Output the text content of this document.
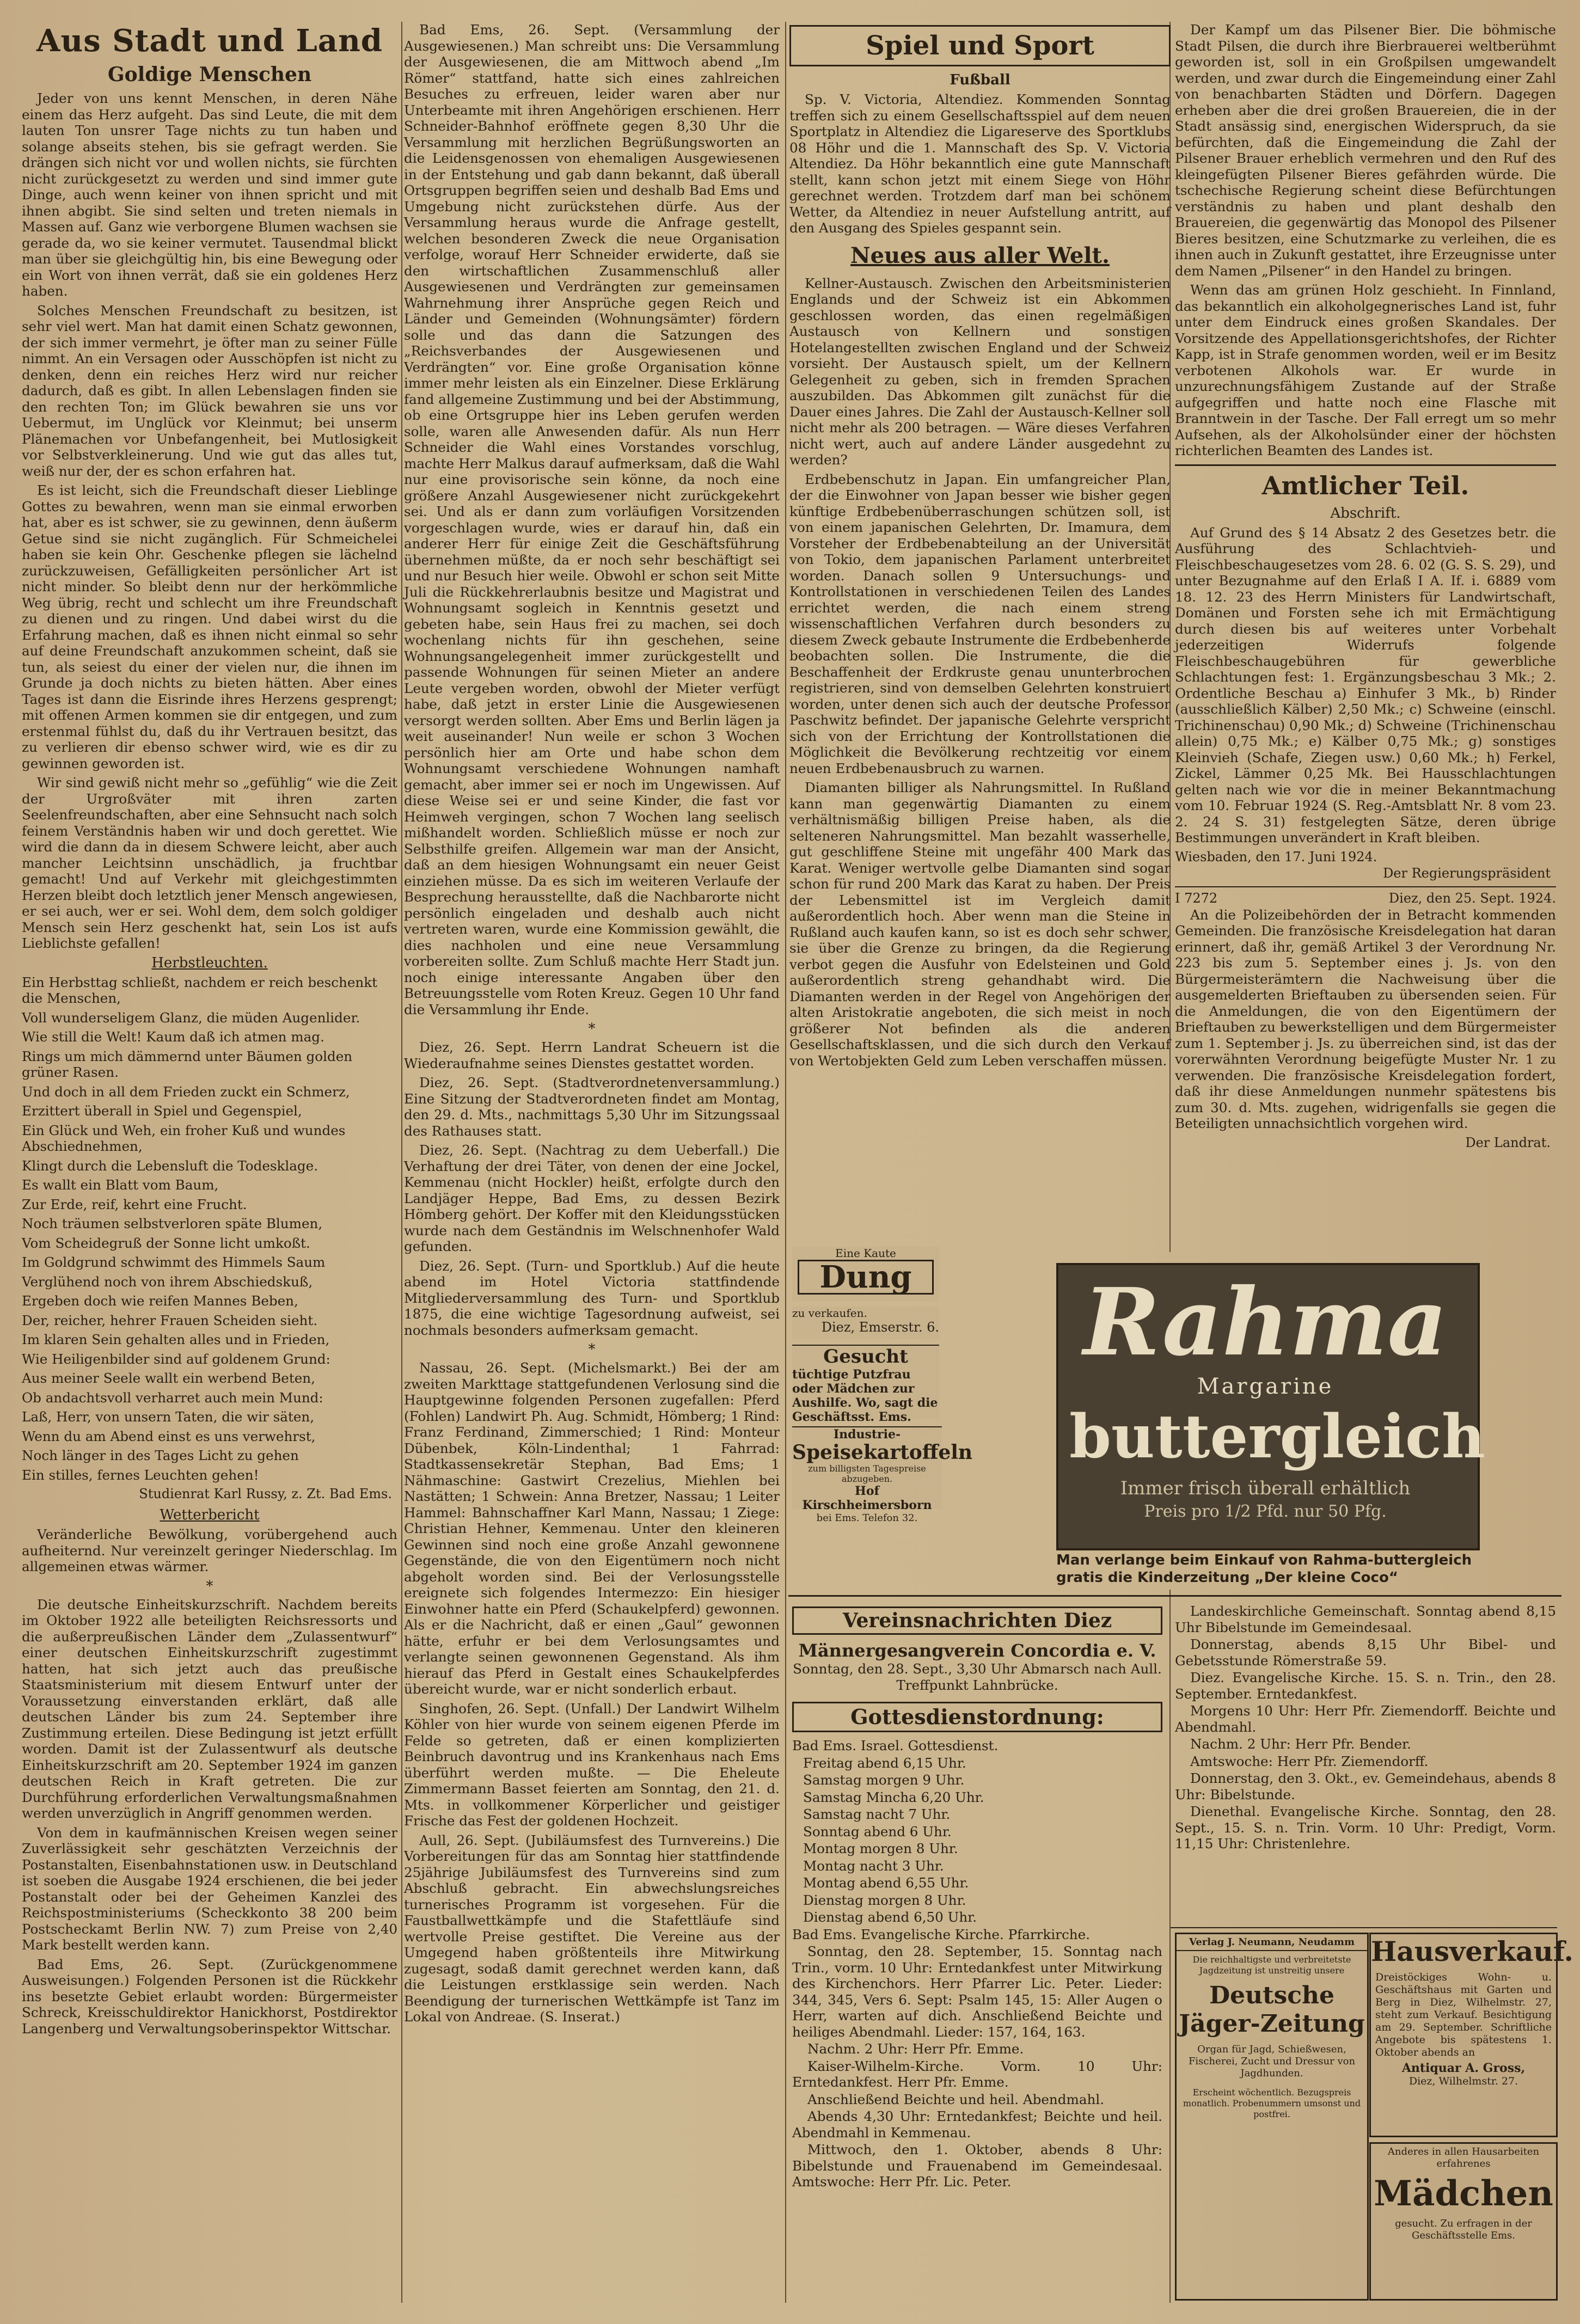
Aus Stadt und Land
Goldige Menschen

Jeder von uns kennt Menschen, in deren Nähe einem das Herz aufgeht. Das sind Leute, die mit dem lauten Ton unsrer Tage nichts zu tun haben und solange abseits stehen, bis sie gefragt werden. Sie drängen sich nicht vor und wollen nichts, sie fürchten nicht zurückgesetzt zu werden und sind immer gute Dinge, auch wenn keiner von ihnen spricht und mit ihnen abgibt. Sie sind selten und treten niemals in Massen auf. Ganz wie verborgene Blumen wachsen sie gerade da, wo sie keiner vermutet. Tausendmal blickt man über sie gleichgültig hin, bis eine Bewegung oder ein Wort von ihnen verrät, daß sie ein goldenes Herz haben.

Solches Menschen Freundschaft zu besitzen, ist sehr viel wert. Man hat damit einen Schatz gewonnen, der sich immer vermehrt, je öfter man zu seiner Fülle nimmt. An ein Versagen oder Ausschöpfen ist nicht zu denken, denn ein reiches Herz wird nur reicher dadurch, daß es gibt. In allen Lebenslagen finden sie den rechten Ton; im Glück bewahren sie uns vor Uebermut, im Unglück vor Kleinmut; bei unserm Plänemachen vor Unbefangenheit, bei Mutlosigkeit vor Selbstverkleinerung. Und wie gut das alles tut, weiß nur der, der es schon erfahren hat.

Es ist leicht, sich die Freundschaft dieser Lieblinge Gottes zu bewahren, wenn man sie einmal erworben hat, aber es ist schwer, sie zu gewinnen, denn äußerm Getue sind sie nicht zugänglich. Für Schmeichelei haben sie kein Ohr. Geschenke pflegen sie lächelnd zurückzuweisen, Gefälligkeiten persönlicher Art ist nicht minder. So bleibt denn nur der herkömmliche Weg übrig, recht und schlecht um ihre Freundschaft zu dienen und zu ringen. Und dabei wirst du die Erfahrung machen, daß es ihnen nicht einmal so sehr auf deine Freundschaft anzukommen scheint, daß sie tun, als seiest du einer der vielen nur, die ihnen im Grunde ja doch nichts zu bieten hätten. Aber eines Tages ist dann die Eisrinde ihres Herzens gesprengt; mit offenen Armen kommen sie dir entgegen, und zum erstenmal fühlst du, daß du ihr Vertrauen besitzt, das zu verlieren dir ebenso schwer wird, wie es dir zu gewinnen geworden ist.

Wir sind gewiß nicht mehr so „gefühlig“ wie die Zeit der Urgroßväter mit ihren zarten Seelenfreundschaften, aber eine Sehnsucht nach solch feinem Verständnis haben wir und doch gerettet. Wie wird die dann da in diesem Schwere leicht, aber auch mancher Leichtsinn unschädlich, ja fruchtbar gemacht! Und auf Verkehr mit gleichgestimmten Herzen bleibt doch letztlich jener Mensch angewiesen, er sei auch, wer er sei. Wohl dem, dem solch goldiger Mensch sein Herz geschenkt hat, sein Los ist aufs Lieblichste gefallen!

Herbstleuchten.

Ein Herbsttag schließt, nachdem er reich beschenkt die Menschen,

Voll wunderseligem Glanz, die müden Augenlider.

Wie still die Welt! Kaum daß ich atmen mag.

Rings um mich dämmernd unter Bäumen golden grüner Rasen.

Und doch in all dem Frieden zuckt ein Schmerz,

Erzittert überall in Spiel und Gegenspiel,

Ein Glück und Weh, ein froher Kuß und wundes Abschiednehmen,

Klingt durch die Lebensluft die Todesklage.

Es wallt ein Blatt vom Baum,

Zur Erde, reif, kehrt eine Frucht.

Noch träumen selbstverloren späte Blumen,

Vom Scheidegruß der Sonne licht umkoßt.

Im Goldgrund schwimmt des Himmels Saum

Verglühend noch von ihrem Abschiedskuß,

Ergeben doch wie reifen Mannes Beben,

Der, reicher, hehrer Frauen Scheiden sieht.

Im klaren Sein gehalten alles und in Frieden,

Wie Heiligenbilder sind auf goldenem Grund:

Aus meiner Seele wallt ein werbend Beten,

Ob andachtsvoll verharret auch mein Mund:

Laß, Herr, von unsern Taten, die wir säten,

Wenn du am Abend einst es uns verwehrst,

Noch länger in des Tages Licht zu gehen

Ein stilles, fernes Leuchten gehen!

Studienrat Karl Russy, z. Zt. Bad Ems.
Wetterbericht

Veränderliche Bewölkung, vorübergehend auch aufheiternd. Nur vereinzelt geringer Niederschlag. Im allgemeinen etwas wärmer.

*

Die deutsche Einheitskurzschrift. Nachdem bereits im Oktober 1922 alle beteiligten Reichsressorts und die außerpreußischen Länder dem „Zulassentwurf“ einer deutschen Einheitskurzschrift zugestimmt hatten, hat sich jetzt auch das preußische Staatsministerium mit diesem Entwurf unter der Voraussetzung einverstanden erklärt, daß alle deutschen Länder bis zum 24. September ihre Zustimmung erteilen. Diese Bedingung ist jetzt erfüllt worden. Damit ist der Zulassentwurf als deutsche Einheitskurzschrift am 20. September 1924 im ganzen deutschen Reich in Kraft getreten. Die zur Durchführung erforderlichen Verwaltungsmaßnahmen werden unverzüglich in Angriff genommen werden.

Von dem in kaufmännischen Kreisen wegen seiner Zuverlässigkeit sehr geschätzten Verzeichnis der Postanstalten, Eisenbahnstationen usw. in Deutschland ist soeben die Ausgabe 1924 erschienen, die bei jeder Postanstalt oder bei der Geheimen Kanzlei des Reichspostministeriums (Scheckkonto 38 200 beim Postscheckamt Berlin NW. 7) zum Preise von 2,40 Mark bestellt werden kann.

Bad Ems, 26. Sept. (Zurückgenommene Ausweisungen.) Folgenden Personen ist die Rückkehr ins besetzte Gebiet erlaubt worden: Bürgermeister Schreck, Kreisschuldirektor Hanickhorst, Postdirektor Langenberg und Verwaltungsoberinspektor Wittschar.

Bad Ems, 26. Sept. (Versammlung der Ausgewiesenen.) Man schreibt uns: Die Versammlung der Ausgewiesenen, die am Mittwoch abend „Im Römer“ stattfand, hatte sich eines zahlreichen Besuches zu erfreuen, leider waren aber nur Unterbeamte mit ihren Angehörigen erschienen. Herr Schneider-Bahnhof eröffnete gegen 8,30 Uhr die Versammlung mit herzlichen Begrüßungsworten an die Leidensgenossen von ehemaligen Ausgewiesenen in der Entstehung und gab dann bekannt, daß überall Ortsgruppen begriffen seien und deshalb Bad Ems und Umgebung nicht zurückstehen dürfe. Aus der Versammlung heraus wurde die Anfrage gestellt, welchen besonderen Zweck die neue Organisation verfolge, worauf Herr Schneider erwiderte, daß sie den wirtschaftlichen Zusammenschluß aller Ausgewiesenen und Verdrängten zur gemeinsamen Wahrnehmung ihrer Ansprüche gegen Reich und Länder und Gemeinden (Wohnungsämter) fördern solle und das dann die Satzungen des „Reichsverbandes der Ausgewiesenen und Verdrängten“ vor. Eine große Organisation könne immer mehr leisten als ein Einzelner. Diese Erklärung fand allgemeine Zustimmung und bei der Abstimmung, ob eine Ortsgruppe hier ins Leben gerufen werden solle, waren alle Anwesenden dafür. Als nun Herr Schneider die Wahl eines Vorstandes vorschlug, machte Herr Malkus darauf aufmerksam, daß die Wahl nur eine provisorische sein könne, da noch eine größere Anzahl Ausgewiesener nicht zurückgekehrt sei. Und als er dann zum vorläufigen Vorsitzenden vorgeschlagen wurde, wies er darauf hin, daß ein anderer Herr für einige Zeit die Geschäftsführung übernehmen müßte, da er noch sehr beschäftigt sei und nur Besuch hier weile. Obwohl er schon seit Mitte Juli die Rückkehrerlaubnis besitze und Magistrat und Wohnungsamt sogleich in Kenntnis gesetzt und gebeten habe, sein Haus frei zu machen, sei doch wochenlang nichts für ihn geschehen, seine Wohnungsangelegenheit immer zurückgestellt und passende Wohnungen für seinen Mieter an andere Leute vergeben worden, obwohl der Mieter verfügt habe, daß jetzt in erster Linie die Ausgewiesenen versorgt werden sollten. Aber Ems und Berlin lägen ja weit auseinander! Nun weile er schon 3 Wochen persönlich hier am Orte und habe schon dem Wohnungsamt verschiedene Wohnungen namhaft gemacht, aber immer sei er noch im Ungewissen. Auf diese Weise sei er und seine Kinder, die fast vor Heimweh vergingen, schon 7 Wochen lang seelisch mißhandelt worden. Schließlich müsse er noch zur Selbsthilfe greifen. Allgemein war man der Ansicht, daß an dem hiesigen Wohnungsamt ein neuer Geist einziehen müsse. Da es sich im weiteren Verlaufe der Besprechung herausstellte, daß die Nachbarorte nicht persönlich eingeladen und deshalb auch nicht vertreten waren, wurde eine Kommission gewählt, die dies nachholen und eine neue Versammlung vorbereiten sollte. Zum Schluß machte Herr Stadt jun. noch einige interessante Angaben über den Betreuungsstelle vom Roten Kreuz. Gegen 10 Uhr fand die Versammlung ihr Ende.

*

Diez, 26. Sept. Herrn Landrat Scheuern ist die Wiederaufnahme seines Dienstes gestattet worden.

Diez, 26. Sept. (Stadtverordnetenversammlung.) Eine Sitzung der Stadtverordneten findet am Montag, den 29. d. Mts., nachmittags 5,30 Uhr im Sitzungssaal des Rathauses statt.

Diez, 26. Sept. (Nachtrag zu dem Ueberfall.) Die Verhaftung der drei Täter, von denen der eine Jockel, Kemmenau (nicht Hockler) heißt, erfolgte durch den Landjäger Heppe, Bad Ems, zu dessen Bezirk Hömberg gehört. Der Koffer mit den Kleidungsstücken wurde nach dem Geständnis im Welschnenhofer Wald gefunden.

Diez, 26. Sept. (Turn- und Sportklub.) Auf die heute abend im Hotel Victoria stattfindende Mitgliederversammlung des Turn- und Sportklub 1875, die eine wichtige Tagesordnung aufweist, sei nochmals besonders aufmerksam gemacht.

*

Nassau, 26. Sept. (Michelsmarkt.) Bei der am zweiten Markttage stattgefundenen Verlosung sind die Hauptgewinne folgenden Personen zugefallen: Pferd (Fohlen) Landwirt Ph. Aug. Schmidt, Hömberg; 1 Rind: Franz Ferdinand, Zimmerschied; 1 Rind: Monteur Dübenbek, Köln-Lindenthal; 1 Fahrrad: Stadtkassensekretär Stephan, Bad Ems; 1 Nähmaschine: Gastwirt Crezelius, Miehlen bei Nastätten; 1 Schwein: Anna Bretzer, Nassau; 1 Leiter Hammel: Bahnschaffner Karl Mann, Nassau; 1 Ziege: Christian Hehner, Kemmenau. Unter den kleineren Gewinnen sind noch eine große Anzahl gewonnene Gegenstände, die von den Eigentümern noch nicht abgeholt worden sind. Bei der Verlosungsstelle ereignete sich folgendes Intermezzo: Ein hiesiger Einwohner hatte ein Pferd (Schaukelpferd) gewonnen. Als er die Nachricht, daß er einen „Gaul“ gewonnen hätte, erfuhr er bei dem Verlosungsamtes und verlangte seinen gewonnenen Gegenstand. Als ihm hierauf das Pferd in Gestalt eines Schaukelpferdes übereicht wurde, war er nicht sonderlich erbaut.

Singhofen, 26. Sept. (Unfall.) Der Landwirt Wilhelm Köhler von hier wurde von seinem eigenen Pferde im Felde so getreten, daß er einen komplizierten Beinbruch davontrug und ins Krankenhaus nach Ems überführt werden mußte. — Die Eheleute Zimmermann Basset feierten am Sonntag, den 21. d. Mts. in vollkommener Körperlicher und geistiger Frische das Fest der goldenen Hochzeit.

Aull, 26. Sept. (Jubiläumsfest des Turnvereins.) Die Vorbereitungen für das am Sonntag hier stattfindende 25jährige Jubiläumsfest des Turnvereins sind zum Abschluß gebracht. Ein abwechslungsreiches turnerisches Programm ist vorgesehen. Für die Faustballwettkämpfe und die Stafettläufe sind wertvolle Preise gestiftet. Die Vereine aus der Umgegend haben größtenteils ihre Mitwirkung zugesagt, sodaß damit gerechnet werden kann, daß die Leistungen erstklassige sein werden. Nach Beendigung der turnerischen Wettkämpfe ist Tanz im Lokal von Andreae. (S. Inserat.)

Spiel und Sport
Fußball

Sp. V. Victoria, Altendiez. Kommenden Sonntag treffen sich zu einem Gesellschaftsspiel auf dem neuen Sportplatz in Altendiez die Ligareserve des Sportklubs 08 Höhr und die 1. Mannschaft des Sp. V. Victoria Altendiez. Da Höhr bekanntlich eine gute Mannschaft stellt, kann schon jetzt mit einem Siege von Höhr gerechnet werden. Trotzdem darf man bei schönem Wetter, da Altendiez in neuer Aufstellung antritt, auf den Ausgang des Spieles gespannt sein.

Neues aus aller Welt.

Kellner-Austausch. Zwischen den Arbeitsministerien Englands und der Schweiz ist ein Abkommen geschlossen worden, das einen regelmäßigen Austausch von Kellnern und sonstigen Hotelangestellten zwischen England und der Schweiz vorsieht. Der Austausch spielt, um der Kellnern Gelegenheit zu geben, sich in fremden Sprachen auszubilden. Das Abkommen gilt zunächst für die Dauer eines Jahres. Die Zahl der Austausch-Kellner soll nicht mehr als 200 betragen. — Wäre dieses Verfahren nicht wert, auch auf andere Länder ausgedehnt zu werden?

Erdbebenschutz in Japan. Ein umfangreicher Plan, der die Einwohner von Japan besser wie bisher gegen künftige Erdbebenüberraschungen schützen soll, ist von einem japanischen Gelehrten, Dr. Imamura, dem Vorsteher der Erdbebenabteilung an der Universität von Tokio, dem japanischen Parlament unterbreitet worden. Danach sollen 9 Untersuchungs- und Kontrollstationen in verschiedenen Teilen des Landes errichtet werden, die nach einem streng wissenschaftlichen Verfahren durch besonders zu diesem Zweck gebaute Instrumente die Erdbebenherde beobachten sollen. Die Instrumente, die die Beschaffenheit der Erdkruste genau ununterbrochen registrieren, sind von demselben Gelehrten konstruiert worden, unter denen sich auch der deutsche Professor Paschwitz befindet. Der japanische Gelehrte verspricht sich von der Errichtung der Kontrollstationen die Möglichkeit die Bevölkerung rechtzeitig vor einem neuen Erdbebenausbruch zu warnen.

Diamanten billiger als Nahrungsmittel. In Rußland kann man gegenwärtig Diamanten zu einem verhältnismäßig billigen Preise haben, als die selteneren Nahrungsmittel. Man bezahlt wasserhelle, gut geschliffene Steine mit ungefähr 400 Mark das Karat. Weniger wertvolle gelbe Diamanten sind sogar schon für rund 200 Mark das Karat zu haben. Der Preis der Lebensmittel ist im Vergleich damit außerordentlich hoch. Aber wenn man die Steine in Rußland auch kaufen kann, so ist es doch sehr schwer, sie über die Grenze zu bringen, da die Regierung verbot gegen die Ausfuhr von Edelsteinen und Gold außerordentlich streng gehandhabt wird. Die Diamanten werden in der Regel von Angehörigen der alten Aristokratie angeboten, die sich meist in noch größerer Not befinden als die anderen Gesellschaftsklassen, und die sich durch den Verkauf von Wertobjekten Geld zum Leben verschaffen müssen.

Der Kampf um das Pilsener Bier. Die böhmische Stadt Pilsen, die durch ihre Bierbrauerei weltberühmt geworden ist, soll in ein Großpilsen umgewandelt werden, und zwar durch die Eingemeindung einer Zahl von benachbarten Städten und Dörfern. Dagegen erheben aber die drei großen Brauereien, die in der Stadt ansässig sind, energischen Widerspruch, da sie befürchten, daß die Eingemeindung die Zahl der Pilsener Brauer erheblich vermehren und den Ruf des kleingefügten Pilsener Bieres gefährden würde. Die tschechische Regierung scheint diese Befürchtungen verständnis zu haben und plant deshalb den Brauereien, die gegenwärtig das Monopol des Pilsener Bieres besitzen, eine Schutzmarke zu verleihen, die es ihnen auch in Zukunft gestattet, ihre Erzeugnisse unter dem Namen „Pilsener“ in den Handel zu bringen.

Wenn das am grünen Holz geschieht. In Finnland, das bekanntlich ein alkoholgegnerisches Land ist, fuhr unter dem Eindruck eines großen Skandales. Der Vorsitzende des Appellationsgerichtshofes, der Richter Kapp, ist in Strafe genommen worden, weil er im Besitz verbotenen Alkohols war. Er wurde in unzurechnungsfähigem Zustande auf der Straße aufgegriffen und hatte noch eine Flasche mit Branntwein in der Tasche. Der Fall erregt um so mehr Aufsehen, als der Alkoholsünder einer der höchsten richterlichen Beamten des Landes ist.

Amtlicher Teil.
Abschrift.

Auf Grund des § 14 Absatz 2 des Gesetzes betr. die Ausführung des Schlachtvieh- und Fleischbeschaugesetzes vom 28. 6. 02 (G. S. S. 29), und unter Bezugnahme auf den Erlaß I A. If. i. 6889 vom 18. 12. 23 des Herrn Ministers für Landwirtschaft, Domänen und Forsten sehe ich mit Ermächtigung durch diesen bis auf weiteres unter Vorbehalt jederzeitigen Widerrufs folgende Fleischbeschaugebühren für gewerbliche Schlachtungen fest: 1. Ergänzungsbeschau 3 Mk.; 2. Ordentliche Beschau a) Einhufer 3 Mk., b) Rinder (ausschließlich Kälber) 2,50 Mk.; c) Schweine (einschl. Trichinenschau) 0,90 Mk.; d) Schweine (Trichinenschau allein) 0,75 Mk.; e) Kälber 0,75 Mk.; g) sonstiges Kleinvieh (Schafe, Ziegen usw.) 0,60 Mk.; h) Ferkel, Zickel, Lämmer 0,25 Mk. Bei Hausschlachtungen gelten nach wie vor die in meiner Bekanntmachung vom 10. Februar 1924 (S. Reg.-Amtsblatt Nr. 8 vom 23. 2. 24 S. 31) festgelegten Sätze, deren übrige Bestimmungen unverändert in Kraft bleiben.

Wiesbaden, den 17. Juni 1924.
Der Regierungspräsident
I 7272	Diez, den 25. Sept. 1924.

An die Polizeibehörden der in Betracht kommenden Gemeinden. Die französische Kreisdelegation hat daran erinnert, daß ihr, gemäß Artikel 3 der Verordnung Nr. 223 bis zum 5. September eines j. Js. von den Bürgermeisterämtern die Nachweisung über die ausgemelderten Brieftauben zu übersenden seien. Für die Anmeldungen, die von den Eigentümern der Brieftauben zu bewerkstelligen und dem Bürgermeister zum 1. September j. Js. zu überreichen sind, ist das der vorerwähnten Verordnung beigefügte Muster Nr. 1 zu verwenden. Die französische Kreisdelegation fordert, daß ihr diese Anmeldungen nunmehr spätestens bis zum 30. d. Mts. zugehen, widrigenfalls sie gegen die Beteiligten unnachsichtlich vorgehen wird.

Der Landrat.
Eine Kaute
Dung
zu verkaufen.
Diez, Emserstr. 6.
Gesucht
tüchtige Putzfrau oder Mädchen zur Aushilfe. Wo, sagt die Geschäftsst. Ems.
Industrie-
Speisekartoffeln
zum billigsten Tagespreise abzugeben.
Hof Kirschheimersborn
bei Ems. Telefon 32.
Rahma
Margarine
buttergleich
Immer frisch überall erhältlich
Preis pro 1/2 Pfd. nur 50 Pfg.
Man verlange beim Einkauf von Rahma-buttergleich gratis die Kinderzeitung „Der kleine Coco“
Vereinsnachrichten Diez
Männergesangverein Concordia e. V.

Sonntag, den 28. Sept., 3,30 Uhr Abmarsch nach Aull. Treffpunkt Lahnbrücke.

Gottesdienstordnung:

Bad Ems. Israel. Gottesdienst.

Freitag abend 6,15 Uhr.

Samstag morgen 9 Uhr.

Samstag Mincha 6,20 Uhr.

Samstag nacht 7 Uhr.

Sonntag abend 6 Uhr.

Montag morgen 8 Uhr.

Montag nacht 3 Uhr.

Montag abend 6,55 Uhr.

Dienstag morgen 8 Uhr.

Dienstag abend 6,50 Uhr.

Bad Ems. Evangelische Kirche. Pfarrkirche.

Sonntag, den 28. September, 15. Sonntag nach Trin., vorm. 10 Uhr: Erntedankfest unter Mitwirkung des Kirchenchors. Herr Pfarrer Lic. Peter. Lieder: 344, 345, Vers 6. Sept: Psalm 145, 15: Aller Augen o Herr, warten auf dich. Anschließend Beichte und heiliges Abendmahl. Lieder: 157, 164, 163.

Nachm. 2 Uhr: Herr Pfr. Emme.

Kaiser-Wilhelm-Kirche. Vorm. 10 Uhr: Erntedankfest. Herr Pfr. Emme.

Anschließend Beichte und heil. Abendmahl.

Abends 4,30 Uhr: Erntedankfest; Beichte und heil. Abendmahl in Kemmenau.

Mittwoch, den 1. Oktober, abends 8 Uhr: Bibelstunde und Frauenabend im Gemeindesaal. Amtswoche: Herr Pfr. Lic. Peter.

Landeskirchliche Gemeinschaft. Sonntag abend 8,15 Uhr Bibelstunde im Gemeindesaal.

Donnerstag, abends 8,15 Uhr Bibel- und Gebetsstunde Römerstraße 59.

Diez. Evangelische Kirche. 15. S. n. Trin., den 28. September. Erntedankfest.

Morgens 10 Uhr: Herr Pfr. Ziemendorff. Beichte und Abendmahl.

Nachm. 2 Uhr: Herr Pfr. Bender.

Amtswoche: Herr Pfr. Ziemendorff.

Donnerstag, den 3. Okt., ev. Gemeindehaus, abends 8 Uhr: Bibelstunde.

Dienethal. Evangelische Kirche. Sonntag, den 28. Sept., 15. S. n. Trin. Vorm. 10 Uhr: Predigt, Vorm. 11,15 Uhr: Christenlehre.

Verlag J. Neumann, Neudamm
Die reichhaltigste und verbreitetste Jagdzeitung ist unstreitig unsere
Deutsche Jäger-Zeitung
Organ für Jagd, Schießwesen, Fischerei, Zucht und Dressur von Jagdhunden.
Erscheint wöchentlich. Bezugspreis monatlich. Probenummern umsonst und postfrei.
Hausverkauf.
Dreistöckiges Wohn- u. Geschäftshaus mit Garten und Berg in Diez, Wilhelmstr. 27, steht zum Verkauf. Besichtigung am 29. September. Schriftliche Angebote bis spätestens 1. Oktober abends an
Antiquar A. Gross,
Diez, Wilhelmstr. 27.
Anderes in allen Hausarbeiten erfahrenes
Mädchen
gesucht. Zu erfragen in der Geschäftsstelle Ems.
